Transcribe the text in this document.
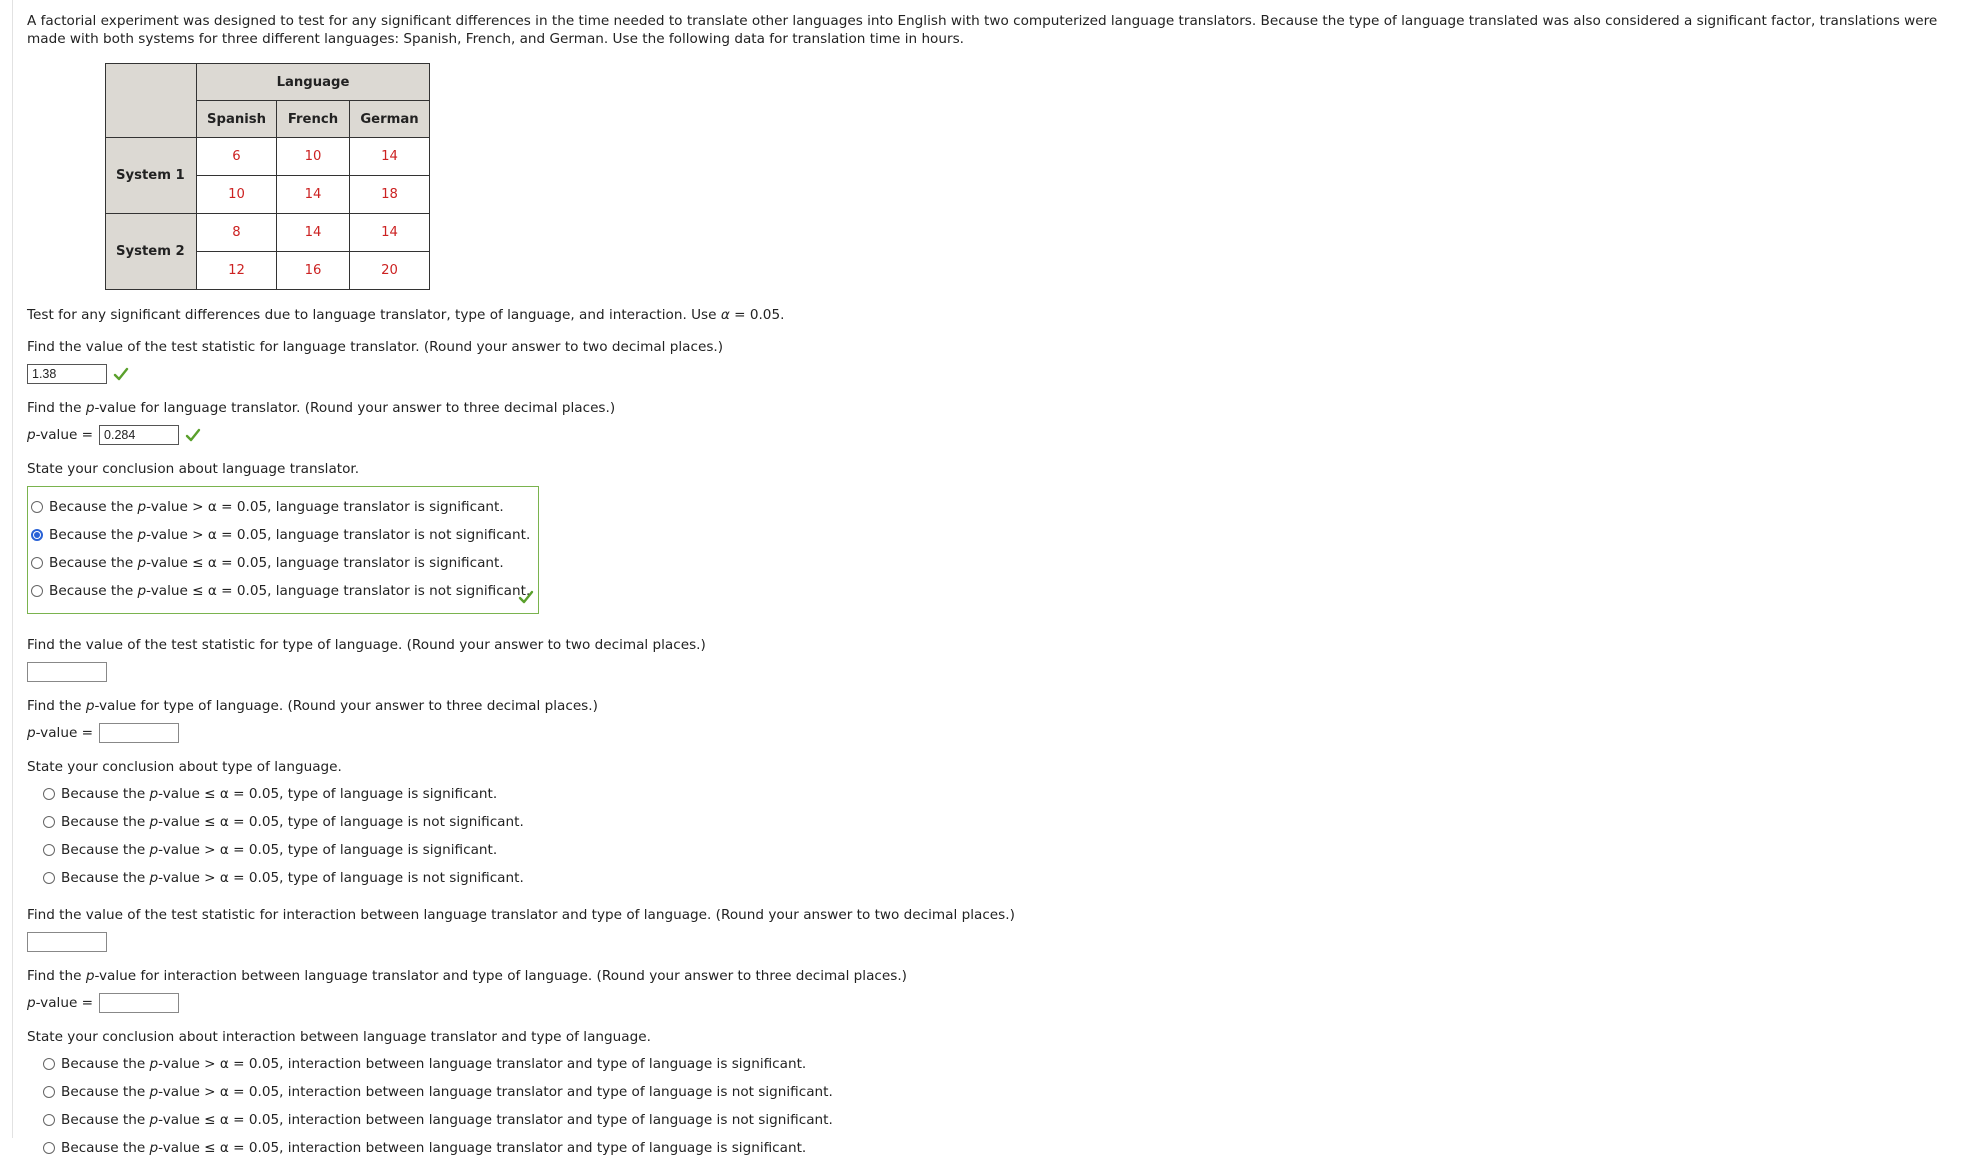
A factorial experiment was designed to test for any significant differences in the time needed to translate other languages into English with two computerized language translators. Because the type of language translated was also considered a significant factor, translations were made with both systems for three different languages: Spanish, French, and German. Use the following data for translation time in hours.

	Language		
	Spanish	French	German
System 1	6	10	14
	10	14	18
System 2	8	14	14
	12	16	20

Test for any significant differences due to language translator, type of language, and interaction. Use α = 0.05.

Find the value of the test statistic for language translator. (Round your answer to two decimal places.)

1.38

Find the p-value for language translator. (Round your answer to three decimal places.)

p-value =
0.284

State your conclusion about language translator.

Because the p-value > α = 0.05, language translator is significant.
Because the p-value > α = 0.05, language translator is not significant.
Because the p-value ≤ α = 0.05, language translator is significant.
Because the p-value ≤ α = 0.05, language translator is not significant.

Find the value of the test statistic for type of language. (Round your answer to two decimal places.)

Find the p-value for type of language. (Round your answer to three decimal places.)

p-value =

State your conclusion about type of language.

Because the p-value ≤ α = 0.05, type of language is significant.
Because the p-value ≤ α = 0.05, type of language is not significant.
Because the p-value > α = 0.05, type of language is significant.
Because the p-value > α = 0.05, type of language is not significant.

Find the value of the test statistic for interaction between language translator and type of language. (Round your answer to two decimal places.)

Find the p-value for interaction between language translator and type of language. (Round your answer to three decimal places.)

p-value =

State your conclusion about interaction between language translator and type of language.

Because the p-value > α = 0.05, interaction between language translator and type of language is significant.
Because the p-value > α = 0.05, interaction between language translator and type of language is not significant.
Because the p-value ≤ α = 0.05, interaction between language translator and type of language is not significant.
Because the p-value ≤ α = 0.05, interaction between language translator and type of language is significant.
